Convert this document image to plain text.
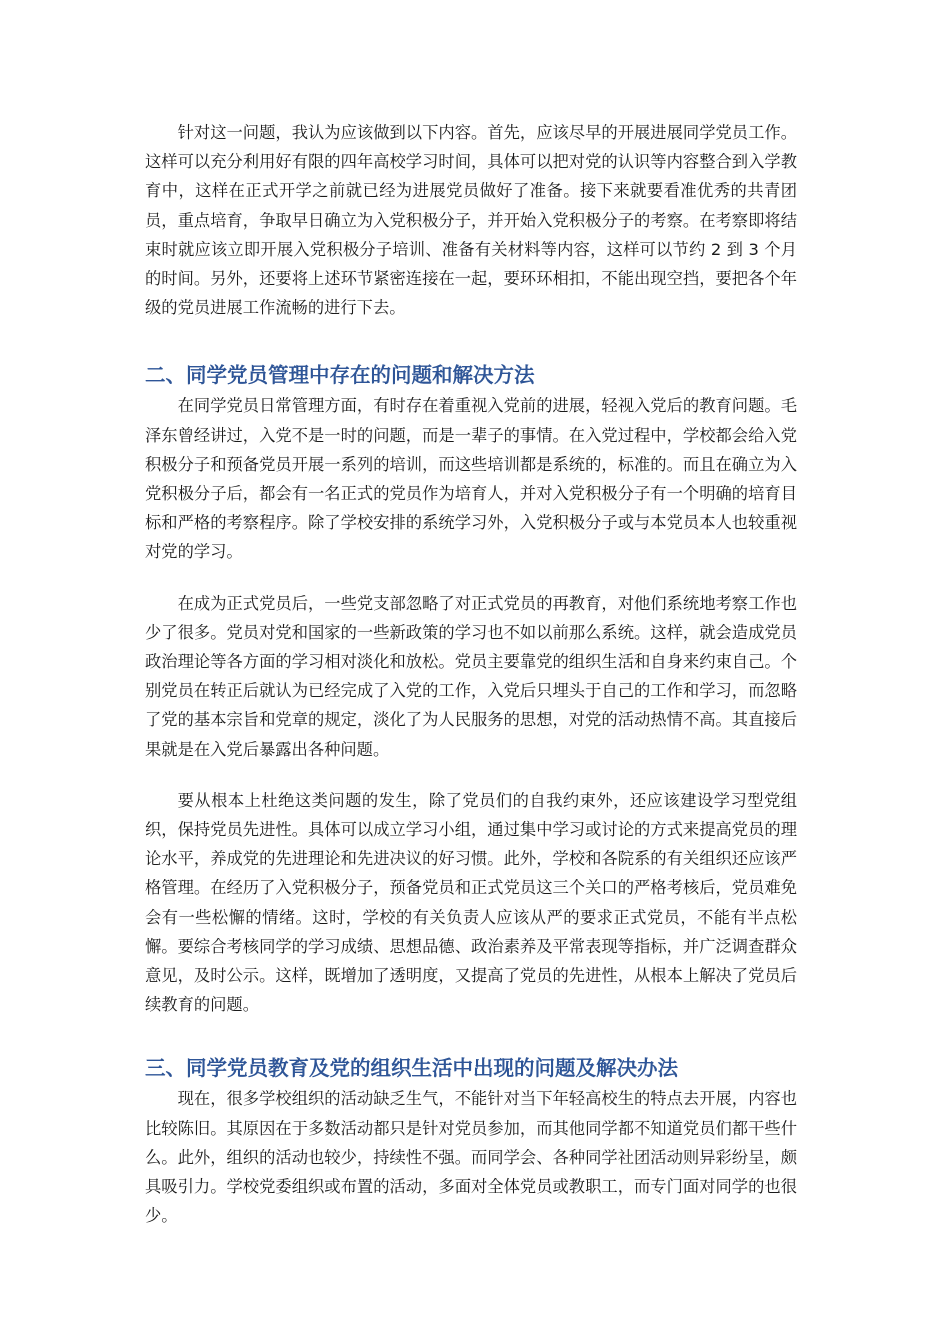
针对这一问题，我认为应该做到以下内容。首先，应该尽早的开展进展同学党员工作。这样可以充分利用好有限的四年高校学习时间，具体可以把对党的认识等内容整合到入学教育中，这样在正式开学之前就已经为进展党员做好了准备。接下来就要看准优秀的共青团员，重点培育，争取早日确立为入党积极分子，并开始入党积极分子的考察。在考察即将结束时就应该立即开展入党积极分子培训、准备有关材料等内容，这样可以节约 2 到 3 个月的时间。另外，还要将上述环节紧密连接在一起，要环环相扣，不能出现空挡，要把各个年级的党员进展工作流畅的进行下去。

二、同学党员管理中存在的问题和解决方法

在同学党员日常管理方面，有时存在着重视入党前的进展，轻视入党后的教育问题。毛泽东曾经讲过，入党不是一时的问题，而是一辈子的事情。在入党过程中，学校都会给入党积极分子和预备党员开展一系列的培训，而这些培训都是系统的，标准的。而且在确立为入党积极分子后，都会有一名正式的党员作为培育人，并对入党积极分子有一个明确的培育目标和严格的考察程序。除了学校安排的系统学习外，入党积极分子或与本党员本人也较重视对党的学习。

在成为正式党员后，一些党支部忽略了对正式党员的再教育，对他们系统地考察工作也少了很多。党员对党和国家的一些新政策的学习也不如以前那么系统。这样，就会造成党员政治理论等各方面的学习相对淡化和放松。党员主要靠党的组织生活和自身来约束自己。个别党员在转正后就认为已经完成了入党的工作，入党后只埋头于自己的工作和学习，而忽略了党的基本宗旨和党章的规定，淡化了为人民服务的思想，对党的活动热情不高。其直接后果就是在入党后暴露出各种问题。

要从根本上杜绝这类问题的发生，除了党员们的自我约束外，还应该建设学习型党组织，保持党员先进性。具体可以成立学习小组，通过集中学习或讨论的方式来提高党员的理论水平，养成党的先进理论和先进决议的好习惯。此外，学校和各院系的有关组织还应该严格管理。在经历了入党积极分子，预备党员和正式党员这三个关口的严格考核后，党员难免会有一些松懈的情绪。这时，学校的有关负责人应该从严的要求正式党员，不能有半点松懈。要综合考核同学的学习成绩、思想品德、政治素养及平常表现等指标，并广泛调查群众意见，及时公示。这样，既增加了透明度，又提高了党员的先进性，从根本上解决了党员后续教育的问题。

三、同学党员教育及党的组织生活中出现的问题及解决办法

现在，很多学校组织的活动缺乏生气，不能针对当下年轻高校生的特点去开展，内容也比较陈旧。其原因在于多数活动都只是针对党员参加，而其他同学都不知道党员们都干些什么。此外，组织的活动也较少，持续性不强。而同学会、各种同学社团活动则异彩纷呈，颇具吸引力。学校党委组织或布置的活动，多面对全体党员或教职工，而专门面对同学的也很少。
